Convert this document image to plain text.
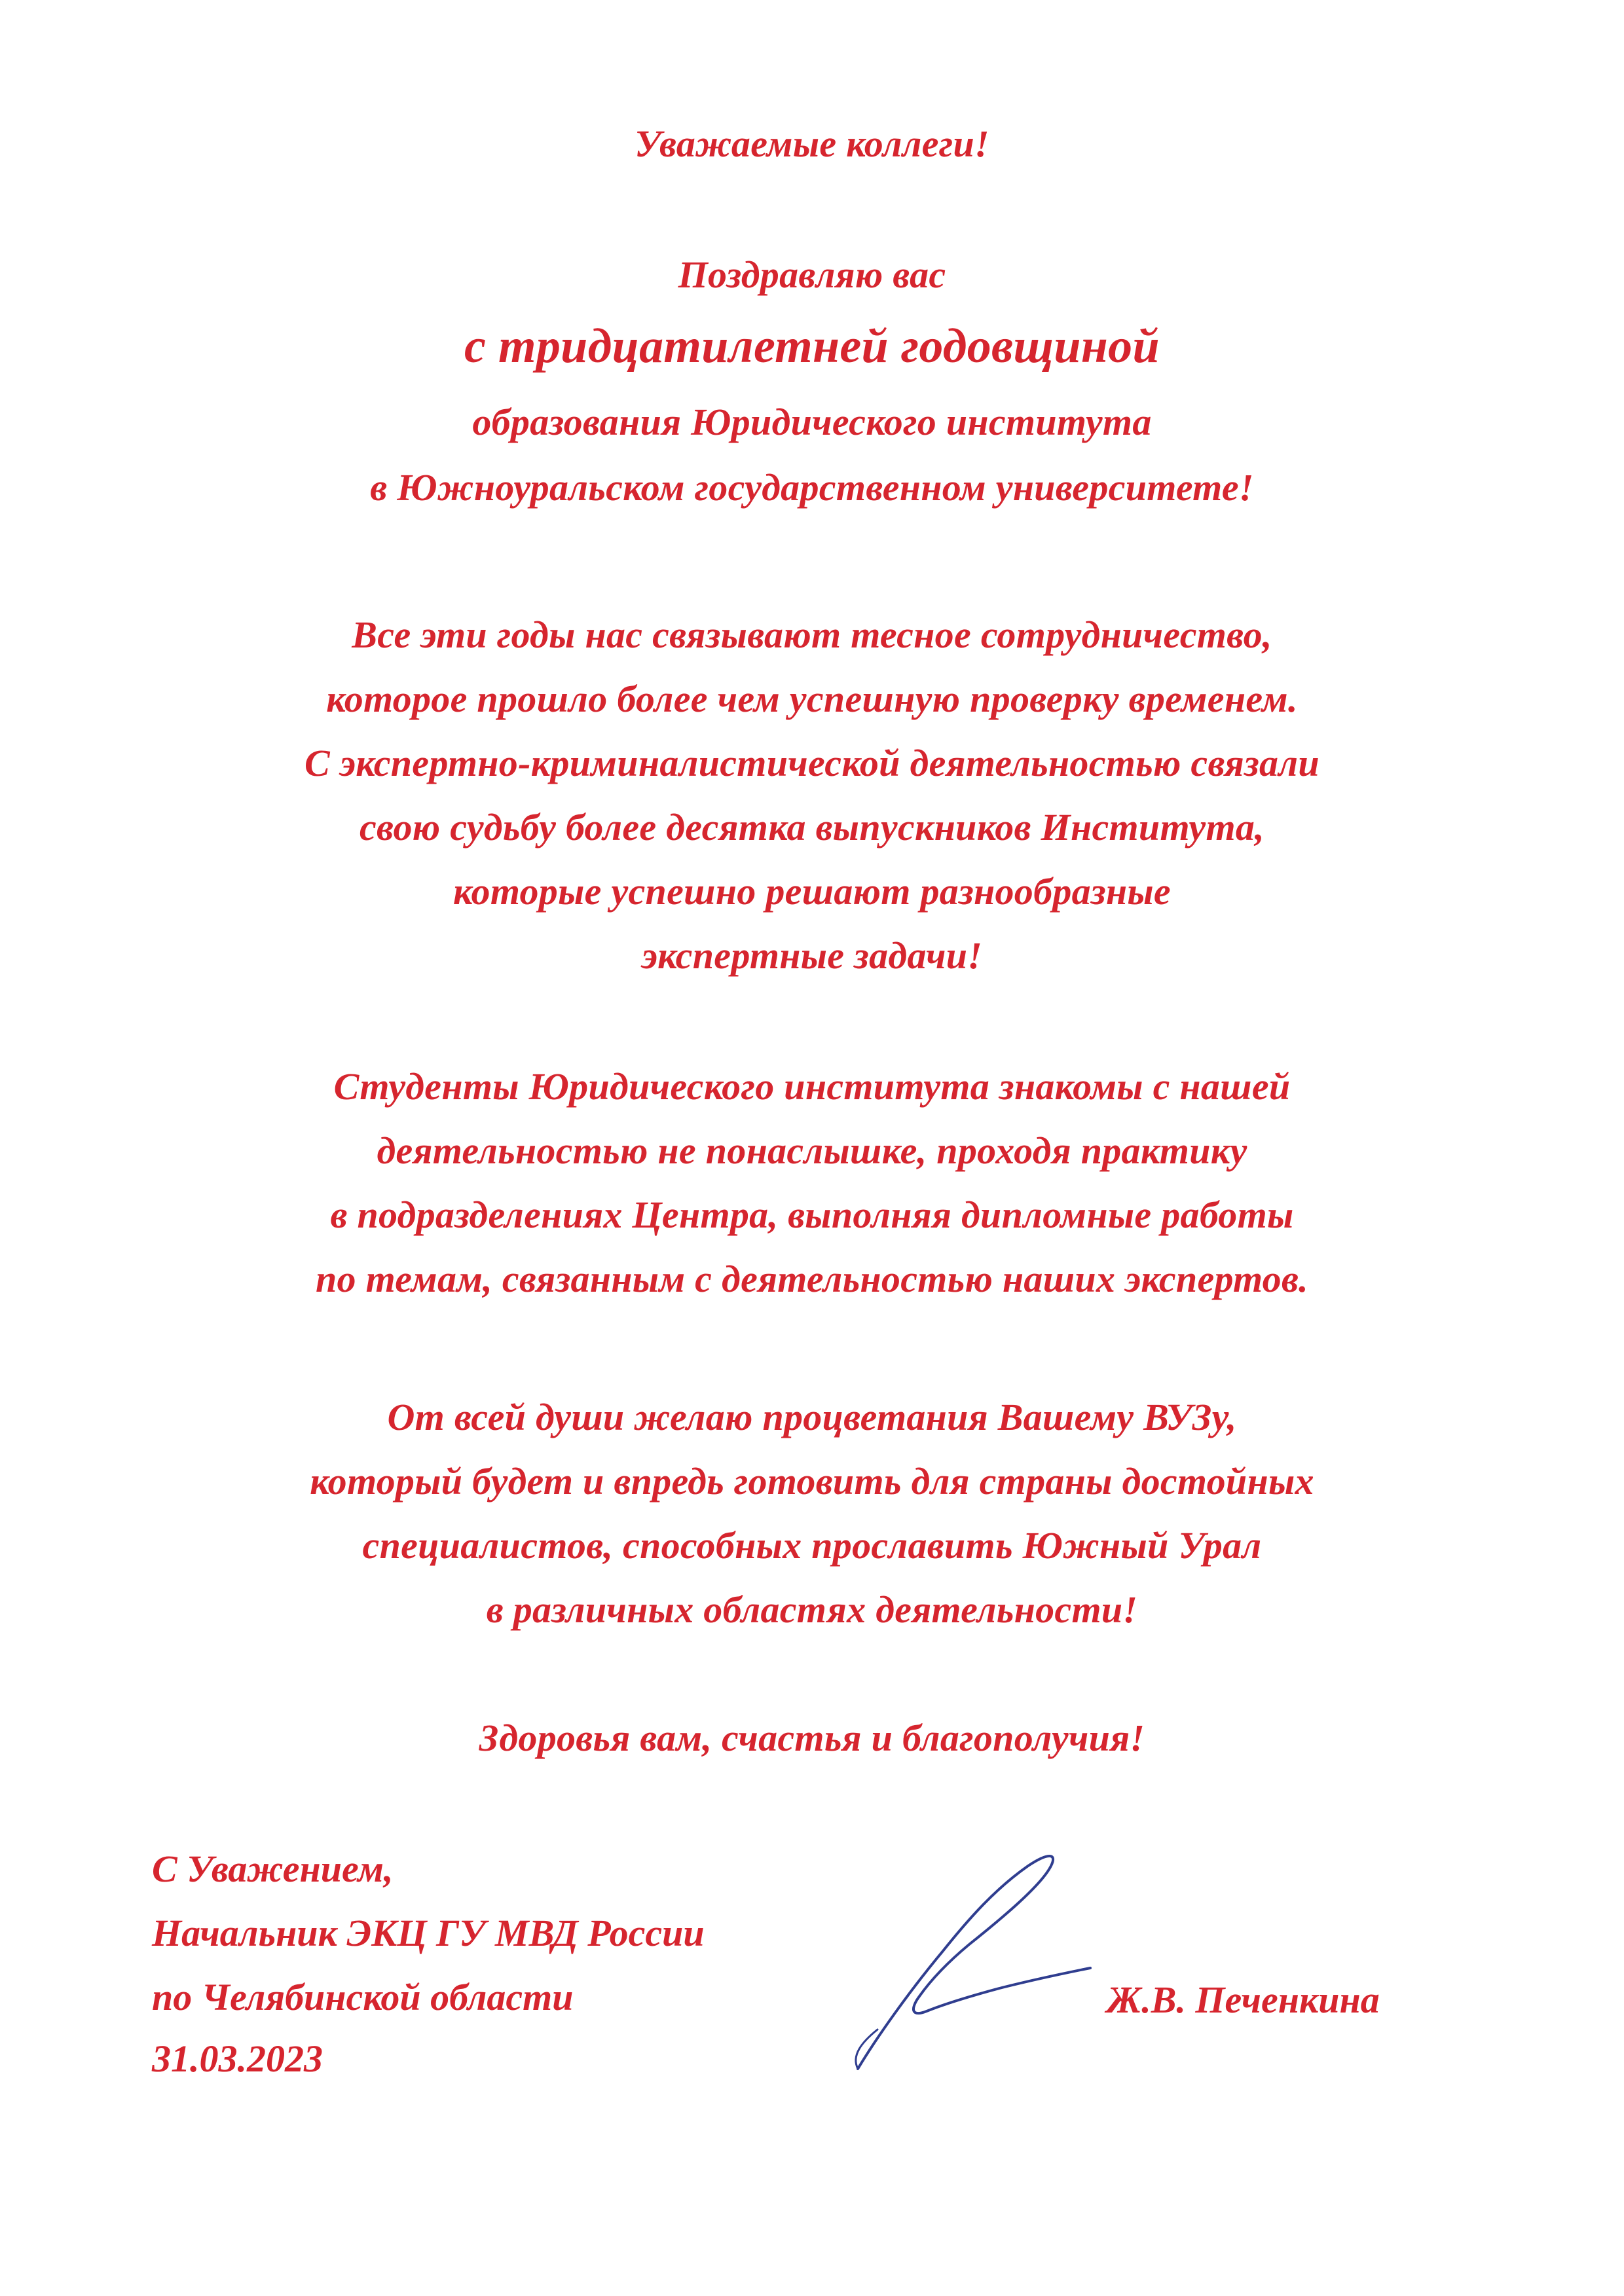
Уважаемые коллеги!
Поздравляю вас
с тридцатилетней годовщиной
образования Юридического института
в Южноуральском государственном университете!
Все эти годы нас связывают тесное сотрудничество,
которое прошло более чем успешную проверку временем.
С экспертно-криминалистической деятельностью связали
свою судьбу более десятка выпускников Института,
которые успешно решают разнообразные
экспертные задачи!
Студенты Юридического института знакомы с нашей
деятельностью не понаслышке, проходя практику
в подразделениях Центра, выполняя дипломные работы
по темам, связанным с деятельностью наших экспертов.
От всей души желаю процветания Вашему ВУЗу,
который будет и впредь готовить для страны достойных
специалистов, способных прославить Южный Урал
в различных областях деятельности!
Здоровья вам, счастья и благополучия!
С Уважением,
Начальник ЭКЦ ГУ МВД России
по Челябинской области
31.03.2023
Ж.В. Печенкина
